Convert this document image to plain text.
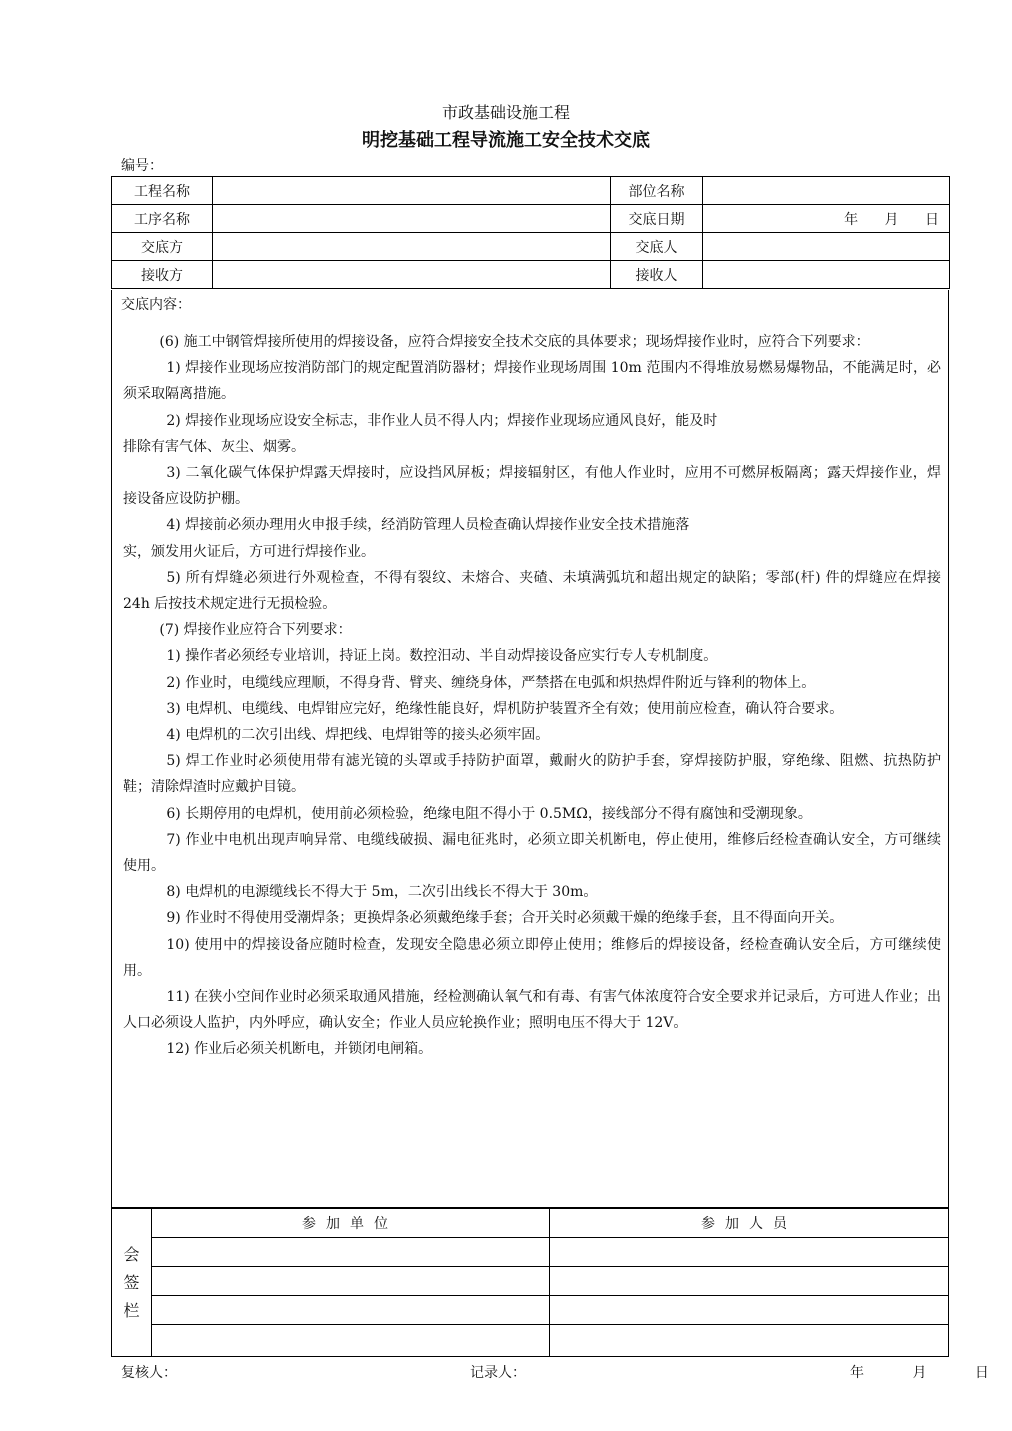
市政基础设施工程
明挖基础工程导流施工安全技术交底
编号：
工程名称		部位名称	
工序名称		交底日期	年 月 日
交底方		交底人	
接收方		接收人	
交底内容：

(6) 施工中钢管焊接所使用的焊接设备，应符合焊接安全技术交底的具体要求；现场焊接作业时，应符合下列要求：

1) 焊接作业现场应按消防部门的规定配置消防器材；焊接作业现场周围 10m 范围内不得堆放易燃易爆物品，不能满足时，必须采取隔离措施。

2) 焊接作业现场应设安全标志，非作业人员不得人内；焊接作业现场应通风良好，能及时

排除有害气体、灰尘、烟雾。

3) 二氧化碳气体保护焊露天焊接时，应设挡风屏板；焊接辐射区，有他人作业时，应用不可燃屏板隔离；露天焊接作业，焊接设备应设防护棚。

4) 焊接前必须办理用火申报手续，经消防管理人员检查确认焊接作业安全技术措施落

实，颁发用火证后，方可进行焊接作业。

5) 所有焊缝必须进行外观检查，不得有裂纹、未熔合、夹碴、未填满弧坑和超出规定的缺陷；零部(杆) 件的焊缝应在焊接 24h 后按技术规定进行无损检验。

(7) 焊接作业应符合下列要求：

1) 操作者必须经专业培训，持证上岗。数控汨动、半自动焊接设备应实行专人专机制度。

2) 作业时，电缆线应理顺，不得身背、臂夹、缠绕身体，严禁搭在电弧和炽热焊件附近与锋利的物体上。

3) 电焊机、电缆线、电焊钳应完好，绝缘性能良好，焊机防护装置齐全有效；使用前应检查，确认符合要求。

4) 电焊机的二次引出线、焊把线、电焊钳等的接头必须牢固。

5) 焊工作业时必须使用带有滤光镜的头罩或手持防护面罩，戴耐火的防护手套，穿焊接防护服，穿绝缘、阻燃、抗热防护鞋；清除焊渣时应戴护目镜。

6) 长期停用的电焊机，使用前必须检验，绝缘电阻不得小于 0.5MΩ，接线部分不得有腐蚀和受潮现象。

7) 作业中电机出现声响异常、电缆线破损、漏电征兆时，必须立即关机断电，停止使用，维修后经检查确认安全，方可继续使用。

8) 电焊机的电源缆线长不得大于 5m，二次引出线长不得大于 30m。

9) 作业时不得使用受潮焊条；更换焊条必须戴绝缘手套；合开关时必须戴干燥的绝缘手套，且不得面向开关。

10) 使用中的焊接设备应随时检查，发现安全隐患必须立即停止使用；维修后的焊接设备，经检查确认安全后，方可继续使用。

11) 在狭小空间作业时必须采取通风措施，经检测确认氧气和有毒、有害气体浓度符合安全要求并记录后，方可进人作业；出人口必须设人监护，内外呼应，确认安全；作业人员应轮换作业；照明电压不得大于 12V。

12) 作业后必须关机断电，并锁闭电闸箱。

会
签
栏
参加单位	参加人员
复核人：	记录人：	年	月	日
